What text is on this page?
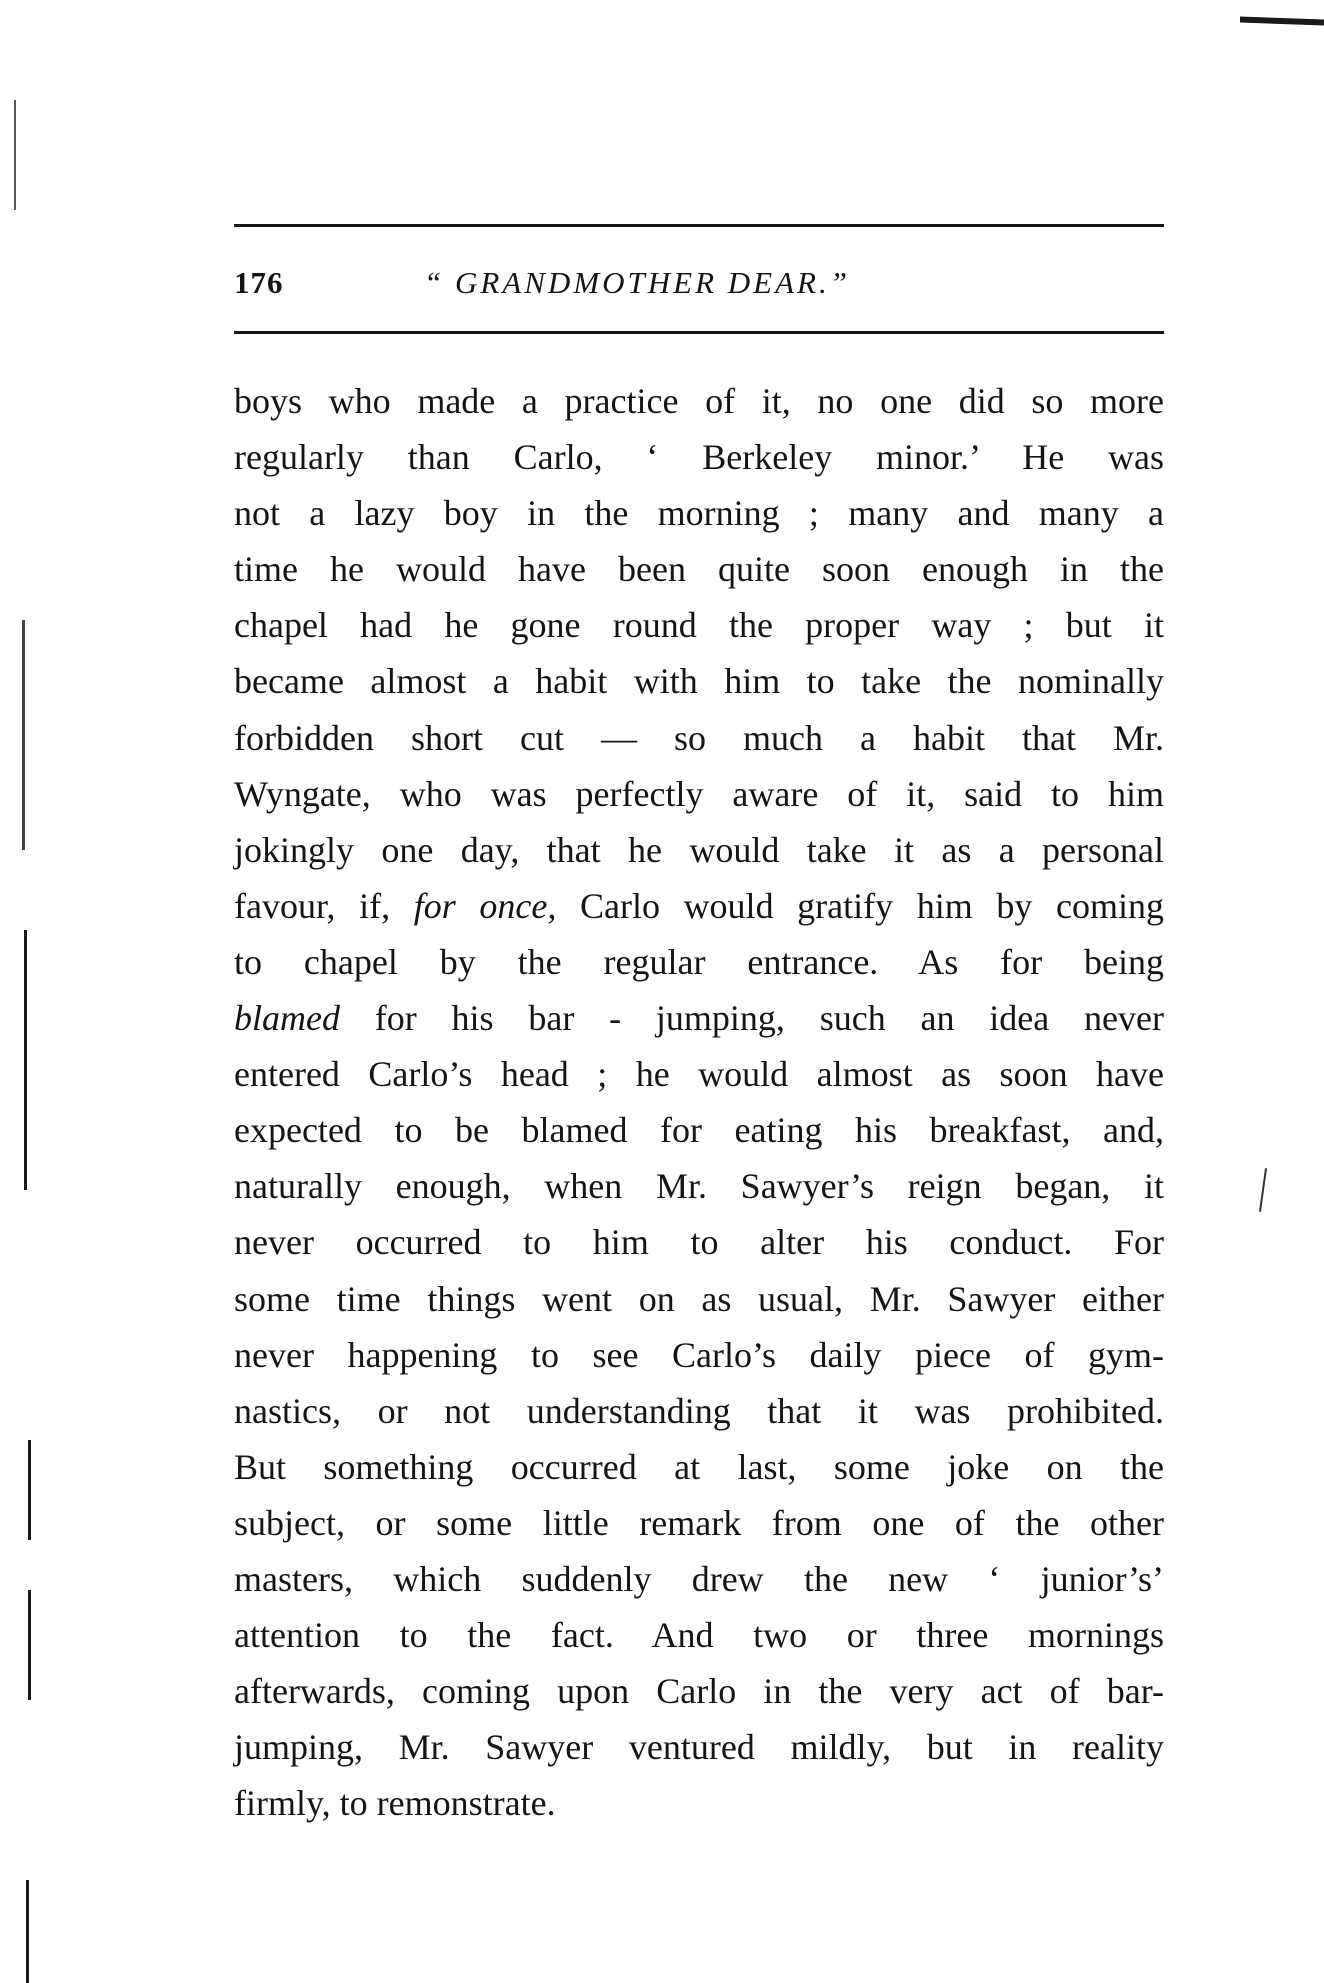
176	“ GRANDMOTHER DEAR.”
boys who made a practice of it, no one did so more
regularly than Carlo, ‘ Berkeley minor.’ He was
not a lazy boy in the morning ; many and many a
time he would have been quite soon enough in the
chapel had he gone round the proper way ; but it
became almost a habit with him to take the nominally
forbidden short cut — so much a habit that Mr.
Wyngate, who was perfectly aware of it, said to him
jokingly one day, that he would take it as a personal
favour, if, for once, Carlo would gratify him by coming
to chapel by the regular entrance. As for being
blamed for his bar - jumping, such an idea never
entered Carlo’s head ; he would almost as soon have
expected to be blamed for eating his breakfast, and,
naturally enough, when Mr. Sawyer’s reign began, it
never occurred to him to alter his conduct. For
some time things went on as usual, Mr. Sawyer either
never happening to see Carlo’s daily piece of gym-
nastics, or not understanding that it was prohibited.
But something occurred at last, some joke on the
subject, or some little remark from one of the other
masters, which suddenly drew the new ‘ junior’s’
attention to the fact. And two or three mornings
afterwards, coming upon Carlo in the very act of bar-
jumping, Mr. Sawyer ventured mildly, but in reality
firmly, to remonstrate.
